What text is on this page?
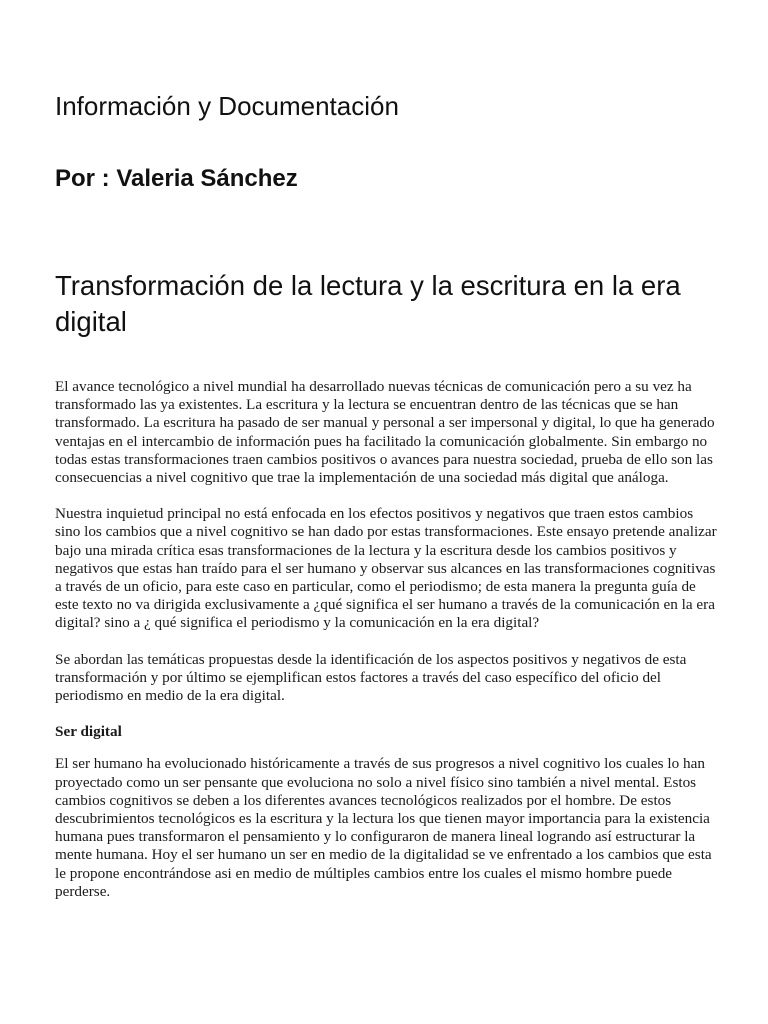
Información y Documentación
Por : Valeria Sánchez
Transformación de la lectura y la escritura en la era digital

El avance tecnológico a nivel mundial ha desarrollado nuevas técnicas de comunicación pero a su vez ha transformado las ya existentes. La escritura y la lectura se encuentran dentro de las técnicas que se han transformado. La escritura ha pasado de ser manual y personal a ser impersonal y digital, lo que ha generado ventajas en el intercambio de información pues ha facilitado la comunicación globalmente. Sin embargo no todas estas transformaciones traen cambios positivos o avances para nuestra sociedad, prueba de ello son las consecuencias a nivel cognitivo que trae la implementación de una sociedad más digital que análoga.

Nuestra inquietud principal no está enfocada en los efectos positivos y negativos que traen estos cambios sino los cambios que a nivel cognitivo se han dado por estas transformaciones. Este ensayo pretende analizar bajo una mirada crítica esas transformaciones de la lectura y la escritura desde los cambios positivos y negativos que estas han traído para el ser humano y observar sus alcances en las transformaciones cognitivas a través de un oficio, para este caso en particular, como el periodismo; de esta manera la pregunta guía de este texto no va dirigida exclusivamente a ¿qué significa el ser humano a través de la comunicación en la era digital? sino a ¿ qué significa el periodismo y la comunicación en la era digital?

Se abordan las temáticas propuestas desde la identificación de los aspectos positivos y negativos de esta transformación y por último se ejemplifican estos factores a través del caso específico del oficio del periodismo en medio de la era digital.

Ser digital

El ser humano ha evolucionado históricamente a través de sus progresos a nivel cognitivo los cuales lo han proyectado como un ser pensante que evoluciona no solo a nivel físico sino también a nivel mental. Estos cambios cognitivos se deben a los diferentes avances tecnológicos realizados por el hombre. De estos descubrimientos tecnológicos es la escritura y la lectura los que tienen mayor importancia para la existencia humana pues transformaron el pensamiento y lo configuraron de manera lineal logrando así estructurar la mente humana. Hoy el ser humano un ser en medio de la digitalidad se ve enfrentado a los cambios que esta le propone encontrándose asi en medio de múltiples cambios entre los cuales el mismo hombre puede perderse.
